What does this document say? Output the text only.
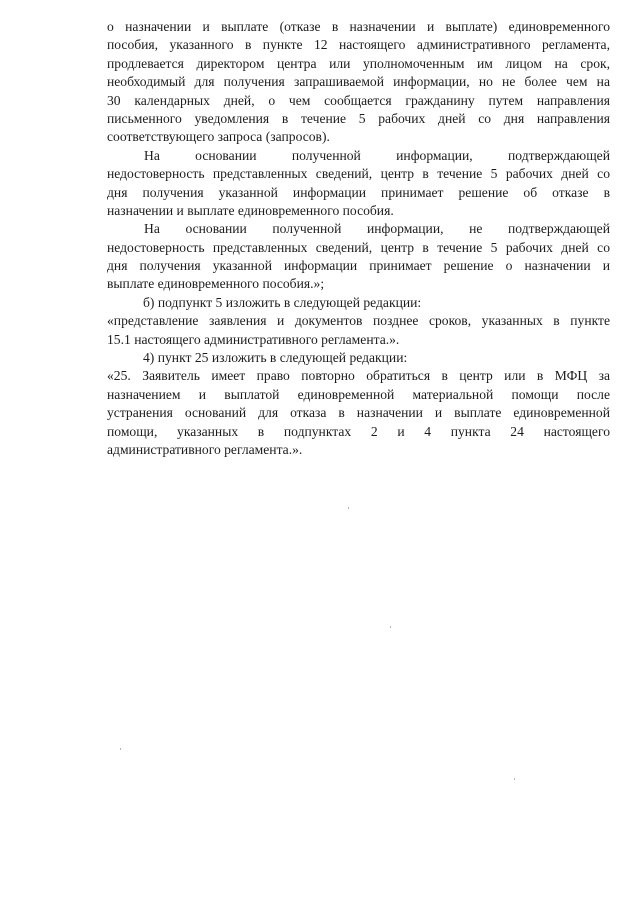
о назначении и выплате (отказе в назначении и выплате) единовременного
пособия, указанного в пункте 12 настоящего административного регламента,
продлевается директором центра или уполномоченным им лицом на срок,
необходимый для получения запрашиваемой информации, но не более чем на
30 календарных дней, о чем сообщается гражданину путем направления
письменного уведомления в течение 5 рабочих дней со дня направления
соответствующего запроса (запросов).
На основании полученной информации, подтверждающей
недостоверность представленных сведений, центр в течение 5 рабочих дней со
дня получения указанной информации принимает решение об отказе в
назначении и выплате единовременного пособия.
На основании полученной информации, не подтверждающей
недостоверность представленных сведений, центр в течение 5 рабочих дней со
дня получения указанной информации принимает решение о назначении и
выплате единовременного пособия.»;
б) подпункт 5 изложить в следующей редакции:
«представление заявления и документов позднее сроков, указанных в пункте
15.1 настоящего административного регламента.».
4) пункт 25 изложить в следующей редакции:
«25. Заявитель имеет право повторно обратиться в центр или в МФЦ за
назначением и выплатой единовременной материальной помощи после
устранения оснований для отказа в назначении и выплате единовременной
помощи, указанных в подпунктах 2 и 4 пункта 24 настоящего
административного регламента.».
